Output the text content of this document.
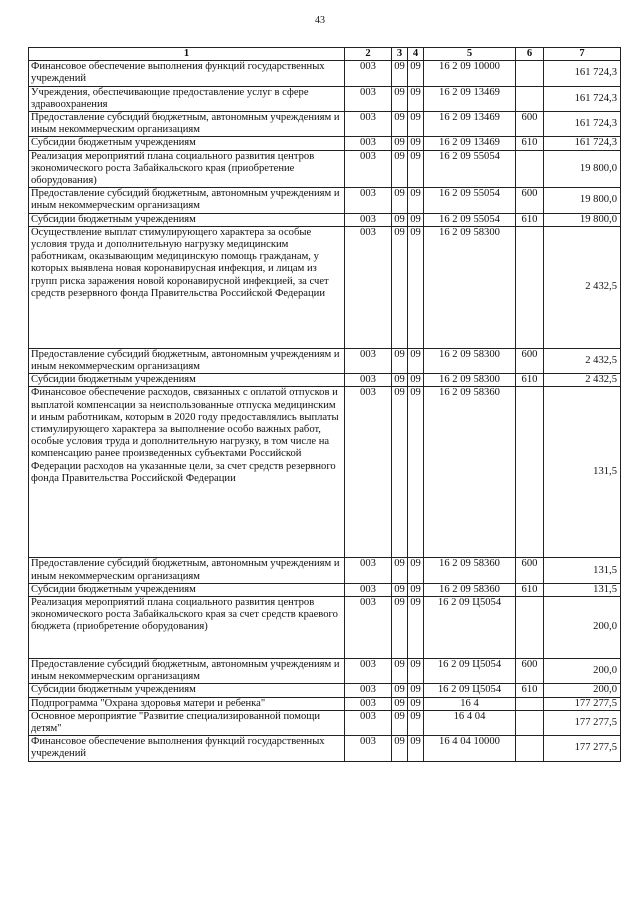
43
1	2	3	4	5	6	7
Финансовое обеспечение выполнения функций государственных учреждений	003	09	09	16 2 09 10000		161 724,3
Учреждения, обеспечивающие предоставление услуг в сфере здравоохранения	003	09	09	16 2 09 13469		161 724,3
Предоставление субсидий бюджетным, автономным учреждениям и иным некоммерческим организациям	003	09	09	16 2 09 13469	600	161 724,3
Субсидии бюджетным учреждениям	003	09	09	16 2 09 13469	610	161 724,3
Реализация мероприятий плана социального развития центров экономического роста Забайкальского края (приобретение оборудования)	003	09	09	16 2 09 55054		19 800,0
Предоставление субсидий бюджетным, автономным учреждениям и иным некоммерческим организациям	003	09	09	16 2 09 55054	600	19 800,0
Субсидии бюджетным учреждениям	003	09	09	16 2 09 55054	610	19 800,0
Осуществление выплат стимулирующего характера за особые условия труда и дополнительную нагрузку медицинским работникам, оказывающим медицинскую помощь гражданам, у которых выявлена новая коронавирусная инфекция, и лицам из групп риска заражения новой коронавирусной инфекцией, за счет средств резервного фонда Правительства Российской Федерации	003	09	09	16 2 09 58300		2 432,5
Предоставление субсидий бюджетным, автономным учреждениям и иным некоммерческим организациям	003	09	09	16 2 09 58300	600	2 432,5
Субсидии бюджетным учреждениям	003	09	09	16 2 09 58300	610	2 432,5
Финансовое обеспечение расходов, связанных с оплатой отпусков и выплатой компенсации за неиспользованные отпуска медицинским и иным работникам, которым в 2020 году предоставлялись выплаты стимулирующего характера за выполнение особо важных работ, особые условия труда и дополнительную нагрузку, в том числе на компенсацию ранее произведенных субъектами Российской Федерации расходов на указанные цели, за счет средств резервного фонда Правительства Российской Федерации	003	09	09	16 2 09 58360		131,5
Предоставление субсидий бюджетным, автономным учреждениям и иным некоммерческим организациям	003	09	09	16 2 09 58360	600	131,5
Субсидии бюджетным учреждениям	003	09	09	16 2 09 58360	610	131,5
Реализация мероприятий плана социального развития центров экономического роста Забайкальского края за счет средств краевого бюджета (приобретение оборудования)	003	09	09	16 2 09 Ц5054		200,0
Предоставление субсидий бюджетным, автономным учреждениям и иным некоммерческим организациям	003	09	09	16 2 09 Ц5054	600	200,0
Субсидии бюджетным учреждениям	003	09	09	16 2 09 Ц5054	610	200,0
Подпрограмма "Охрана здоровья матери и ребенка"	003	09	09	16 4		177 277,5
Основное мероприятие "Развитие специализированной помощи детям"	003	09	09	16 4 04		177 277,5
Финансовое обеспечение выполнения функций государственных учреждений	003	09	09	16 4 04 10000		177 277,5
